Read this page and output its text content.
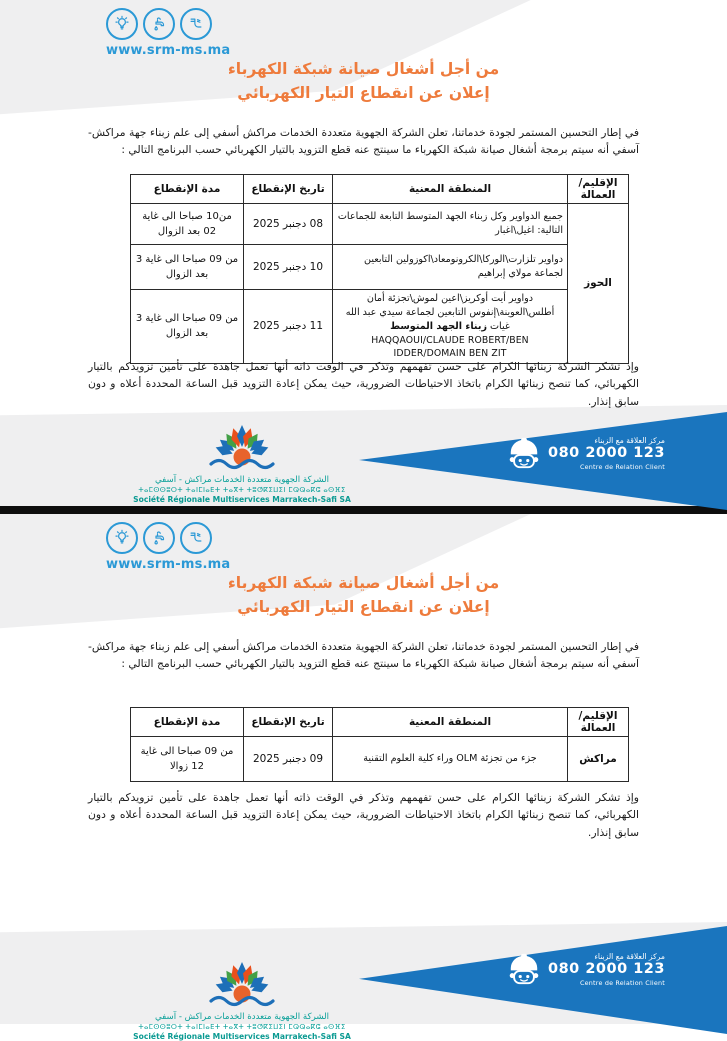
www.srm-ms.ma
من أجل أشغال صيانة شبكة الكهرباء
إعلان عن انقطاع التيار الكهربائي

في إطار التحسين المستمر لجودة خدماتنا، تعلن الشركة الجهوية متعددة الخدمات مراكش أسفي إلى علم زبناء جهة مراكش-آسفي أنه سيتم برمجة أشغال صيانة شبكة الكهرباء ما سينتج عنه قطع التزويد بالتيار الكهربائي حسب البرنامج التالي :

الإقليم/العمالة	المنطقة المعنية	تاريخ الإنقطاع	مدة الإنقطاع
الحوز	جميع الدواوير وكل زبناء الجهد المتوسط التابعة للجماعات التالية: اغيل\اغبار	08 دجنبر 2025	من10 صباحا الى غاية 02 بعد الزوال
	دواوير تلزارت\الوركا\الكرونومعاد\اكوزولين التابعين لجماعة مولاي إبراهيم	10 دجنبر 2025	من 09 صباحا الى غاية 3 بعد الزوال
	دواوير أيت أوكريز\اعين لموش\تجزئة أمان أطلس\العوينة\إنفوس التابعين لجماعة سيدي عبد الله غيات زبناء الجهد المتوسط
HAQQAOUI/CLAUDE ROBERT/BEN IDDER/DOMAIN BEN ZIT	11 دجنبر 2025	من 09 صباحا الى غاية 3 بعد الزوال

وإذ تشكر الشركة زبنائها الكرام على حسن تفهمهم وتذكر في الوقت ذاته أنها تعمل جاهدة على تأمين تزويدكم بالتيار الكهربائي، كما تنصح زبنائها الكرام باتخاذ الاحتياطات الضرورية، حيث يمكن إعادة التزويد قبل الساعة المحددة أعلاه و دون سابق إنذار.

الشركة الجهوية متعددة الخدمات مراكش - آسفي
ⵜⴰⵎⵙⵙⵓⵔⵜ ⵜⴰⵏⵎⵏⴰⴹⵜ ⵜⴰⴳⵜ ⵜⵓⵚⴽⵉⵡⵉⵏ ⵎⵕⵕⴰⴽⵛ ⴰⵙⴼⵉ
Société Régionale Multiservices Marrakech-Safi SA
مركز العلاقة مع الزبناء
080 2000 123
Centre de Relation Client
www.srm-ms.ma
من أجل أشغال صيانة شبكة الكهرباء
إعلان عن انقطاع التيار الكهربائي

في إطار التحسين المستمر لجودة خدماتنا، تعلن الشركة الجهوية متعددة الخدمات مراكش أسفي إلى علم زبناء جهة مراكش-آسفي أنه سيتم برمجة أشغال صيانة شبكة الكهرباء ما سينتج عنه قطع التزويد بالتيار الكهربائي حسب البرنامج التالي :

الإقليم/العمالة	المنطقة المعنية	تاريخ الإنقطاع	مدة الإنقطاع
مراكش	جزء من تجزئة OLM وراء كلية العلوم التقنية	09 دجنبر 2025	من 09 صباحا الى غاية 12 زوالا

وإذ تشكر الشركة زبنائها الكرام على حسن تفهمهم وتذكر في الوقت ذاته أنها تعمل جاهدة على تأمين تزويدكم بالتيار الكهربائي، كما تنصح زبنائها الكرام باتخاذ الاحتياطات الضرورية، حيث يمكن إعادة التزويد قبل الساعة المحددة أعلاه و دون سابق إنذار.

الشركة الجهوية متعددة الخدمات مراكش - آسفي
ⵜⴰⵎⵙⵙⵓⵔⵜ ⵜⴰⵏⵎⵏⴰⴹⵜ ⵜⴰⴳⵜ ⵜⵓⵚⴽⵉⵡⵉⵏ ⵎⵕⵕⴰⴽⵛ ⴰⵙⴼⵉ
Société Régionale Multiservices Marrakech-Safi SA
مركز العلاقة مع الزبناء
080 2000 123
Centre de Relation Client
